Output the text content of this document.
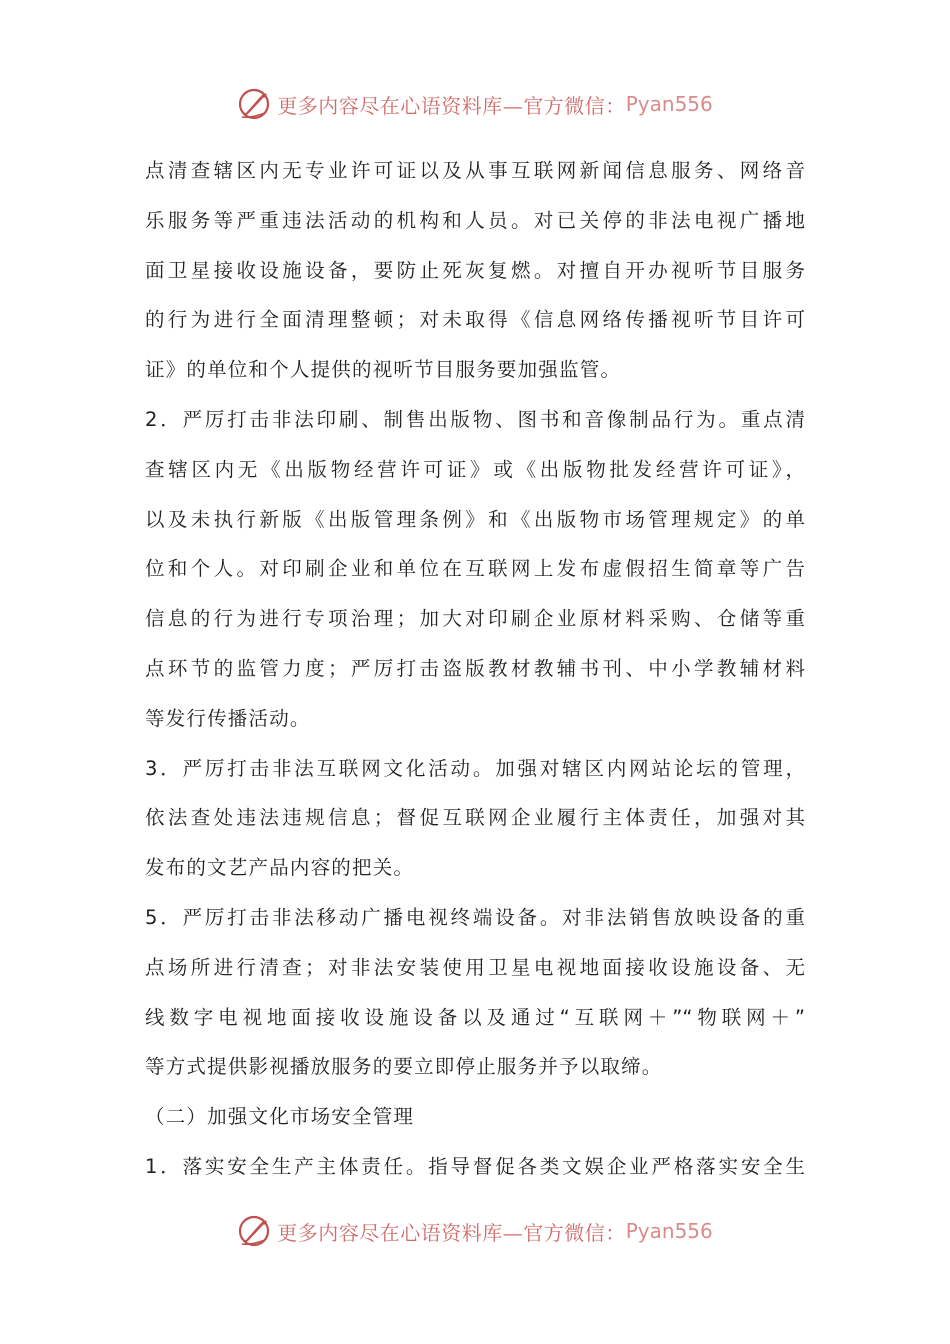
更多内容尽在心语资料库—官方微信： Pyan556
点清查辖区内无专业许可证以及从事互联网新闻信息服务、网络音
乐服务等严重违法活动的机构和人员。对已关停的非法电视广播地
面卫星接收设施设备，要防止死灰复燃。对擅自开办视听节目服务
的行为进行全面清理整顿；对未取得《信息网络传播视听节目许可
证》的单位和个人提供的视听节目服务要加强监管。
2．严厉打击非法印刷、制售出版物、图书和音像制品行为。重点清
查辖区内无《出版物经营许可证》或《出版物批发经营许可证》，
以及未执行新版《出版管理条例》和《出版物市场管理规定》的单
位和个人。对印刷企业和单位在互联网上发布虚假招生简章等广告
信息的行为进行专项治理；加大对印刷企业原材料采购、仓储等重
点环节的监管力度；严厉打击盗版教材教辅书刊、中小学教辅材料
等发行传播活动。
3．严厉打击非法互联网文化活动。加强对辖区内网站论坛的管理，
依法查处违法违规信息；督促互联网企业履行主体责任，加强对其
发布的文艺产品内容的把关。
5．严厉打击非法移动广播电视终端设备。对非法销售放映设备的重
点场所进行清查；对非法安装使用卫星电视地面接收设施设备、无
线数字电视地面接收设施设备以及通过“互联网＋”“物联网＋”
等方式提供影视播放服务的要立即停止服务并予以取缔。
（二）加强文化市场安全管理
1．落实安全生产主体责任。指导督促各类文娱企业严格落实安全生
更多内容尽在心语资料库—官方微信： Pyan556
